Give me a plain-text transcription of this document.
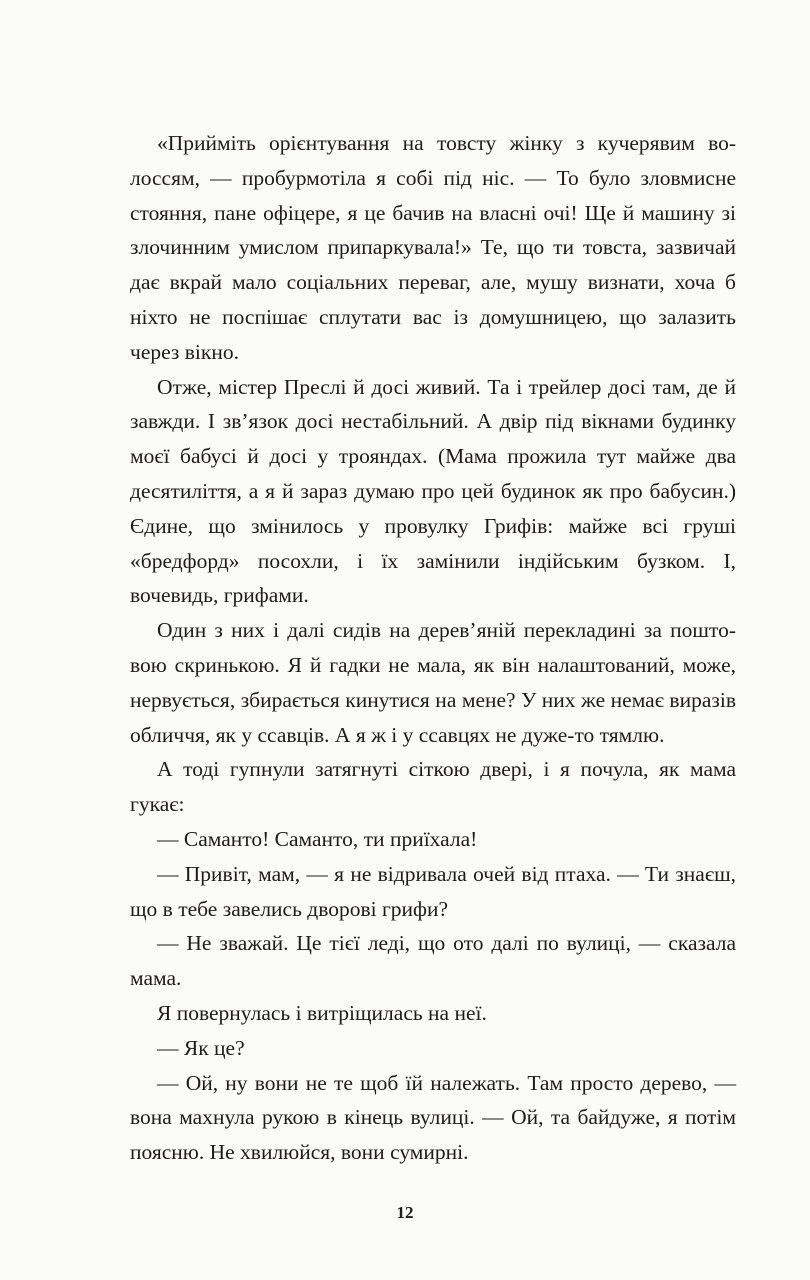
«Прийміть орієнтування на товсту жінку з кучерявим волоссям, — пробурмотіла я собі під ніс. — То було зловмисне стояння, пане офіцере, я це бачив на власні очі! Ще й машину зі злочинним умислом припаркувала!» Те, що ти товста, зазвичай дає вкрай мало соціальних переваг, але, мушу визнати, хоча б ніхто не поспішає сплутати вас із домушницею, що залазить через вікно.

Отже, містер Преслі й досі живий. Та і трейлер досі там, де й завжди. І зв’язок досі нестабільний. А двір під вікнами будинку моєї бабусі й досі у трояндах. (Мама прожила тут майже два десятиліття, а я й зараз думаю про цей будинок як про бабусин.) Єдине, що змінилось у провулку Грифів: майже всі груші «бредфорд» посохли, і їх замінили індійським бузком. І, вочевидь, грифами.

Один з них і далі сидів на дерев’яній перекладині за поштовою скринькою. Я й гадки не мала, як він налаштований, може, нервується, збирається кинутися на мене? У них же немає виразів обличчя, як у ссавців. А я ж і у ссавцях не дуже-то тямлю.

А тоді гупнули затягнуті сіткою двері, і я почула, як мама гукає:

— Саманто! Саманто, ти приїхала!

— Привіт, мам, — я не відривала очей від птаха. — Ти знаєш, що в тебе завелись дворові грифи?

— Не зважай. Це тієї леді, що ото далі по вулиці, — сказала мама.

Я повернулась і витріщилась на неї.

— Як це?

— Ой, ну вони не те щоб їй належать. Там просто дерево, — вона махнула рукою в кінець вулиці. — Ой, та байдуже, я потім поясню. Не хвилюйся, вони сумирні.

12
